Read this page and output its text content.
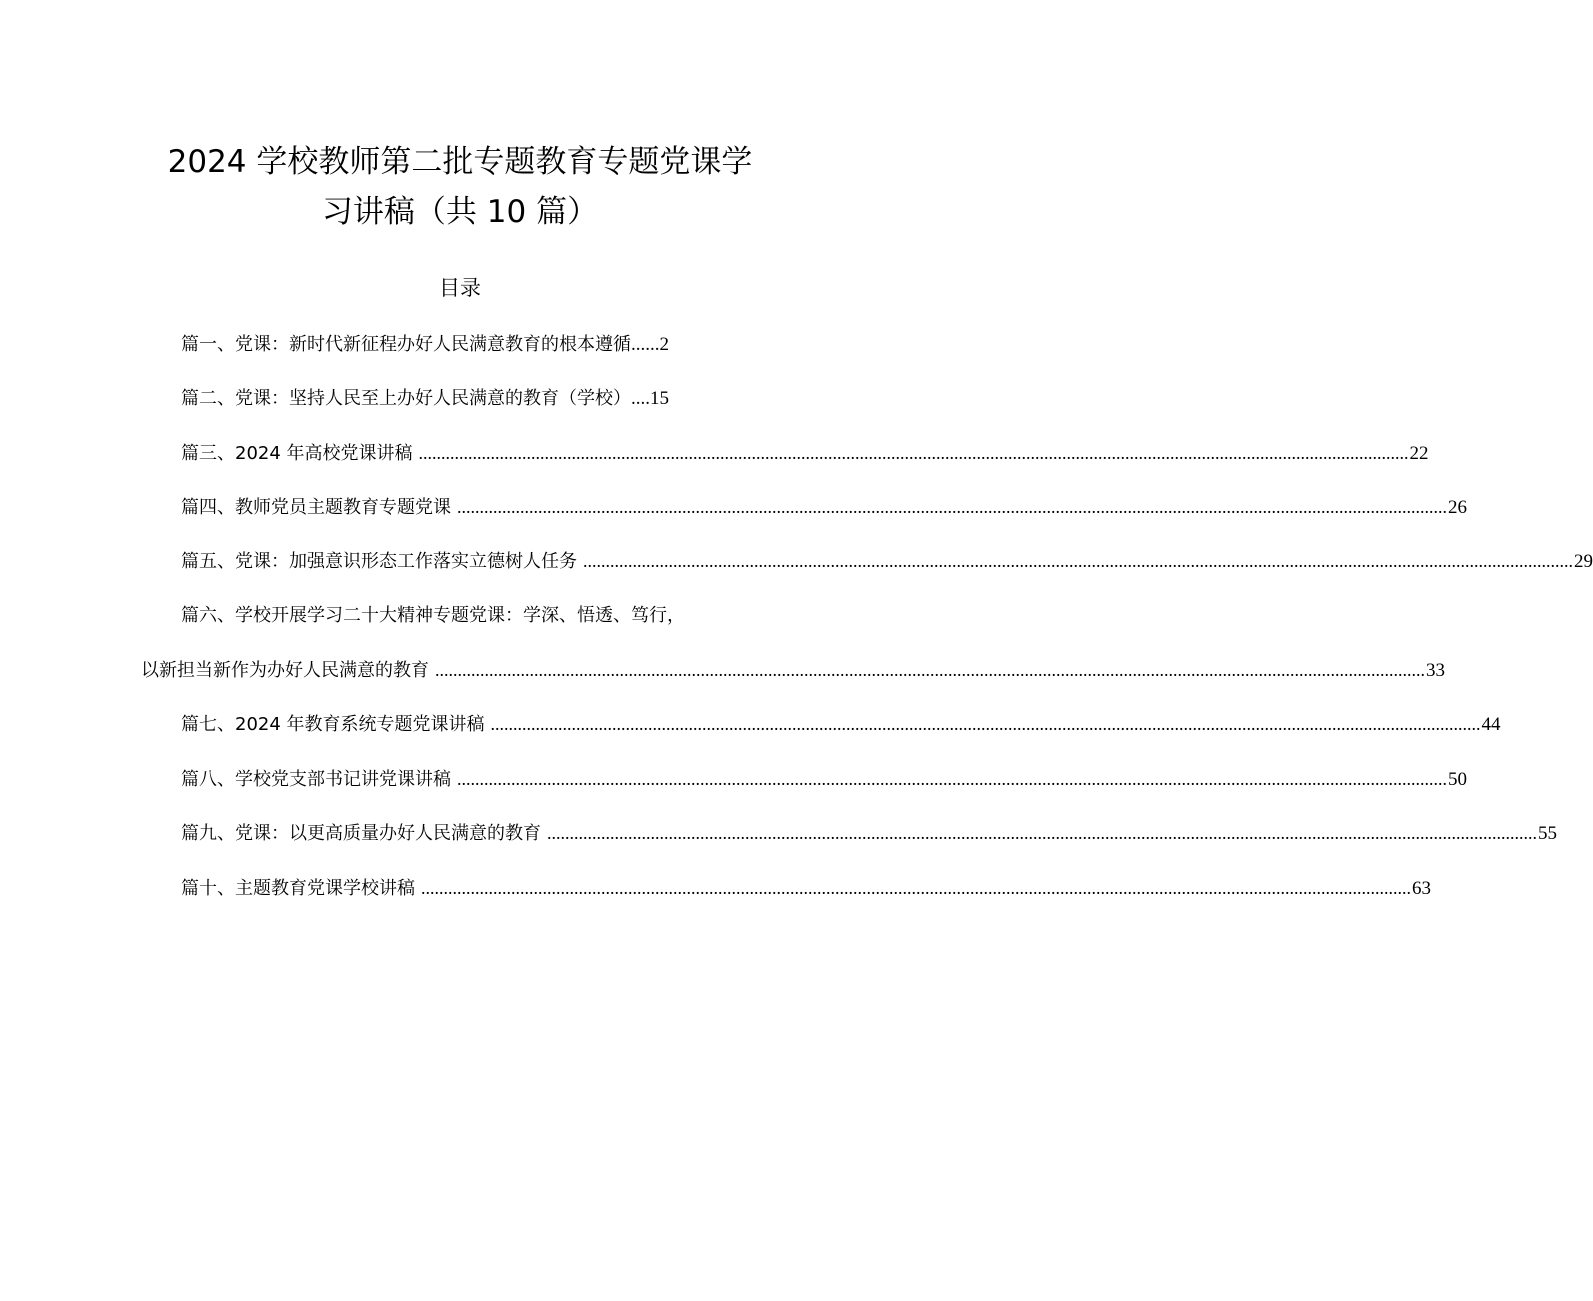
2024 学校教师第二批专题教育专题党课学
习讲稿（共 10 篇）
目录
篇一、党课：新时代新征程办好人民满意教育的根本遵循......2
篇二、党课：坚持人民至上办好人民满意的教育（学校）....15
篇三、2024 年高校党课讲稿 ............................................................................................................................................................................................................................ 22
篇四、教师党员主题教育专题党课 ............................................................................................................................................................................................................................ 26
篇五、党课：加强意识形态工作落实立德树人任务 ............................................................................................................................................................................................................................ 29
篇六、学校开展学习二十大精神专题党课：学深、悟透、笃行，
以新担当新作为办好人民满意的教育 ............................................................................................................................................................................................................................ 33
篇七、2024 年教育系统专题党课讲稿 ............................................................................................................................................................................................................................ 44
篇八、学校党支部书记讲党课讲稿 ............................................................................................................................................................................................................................ 50
篇九、党课：以更高质量办好人民满意的教育 ............................................................................................................................................................................................................................ 55
篇十、主题教育党课学校讲稿 ............................................................................................................................................................................................................................ 63
